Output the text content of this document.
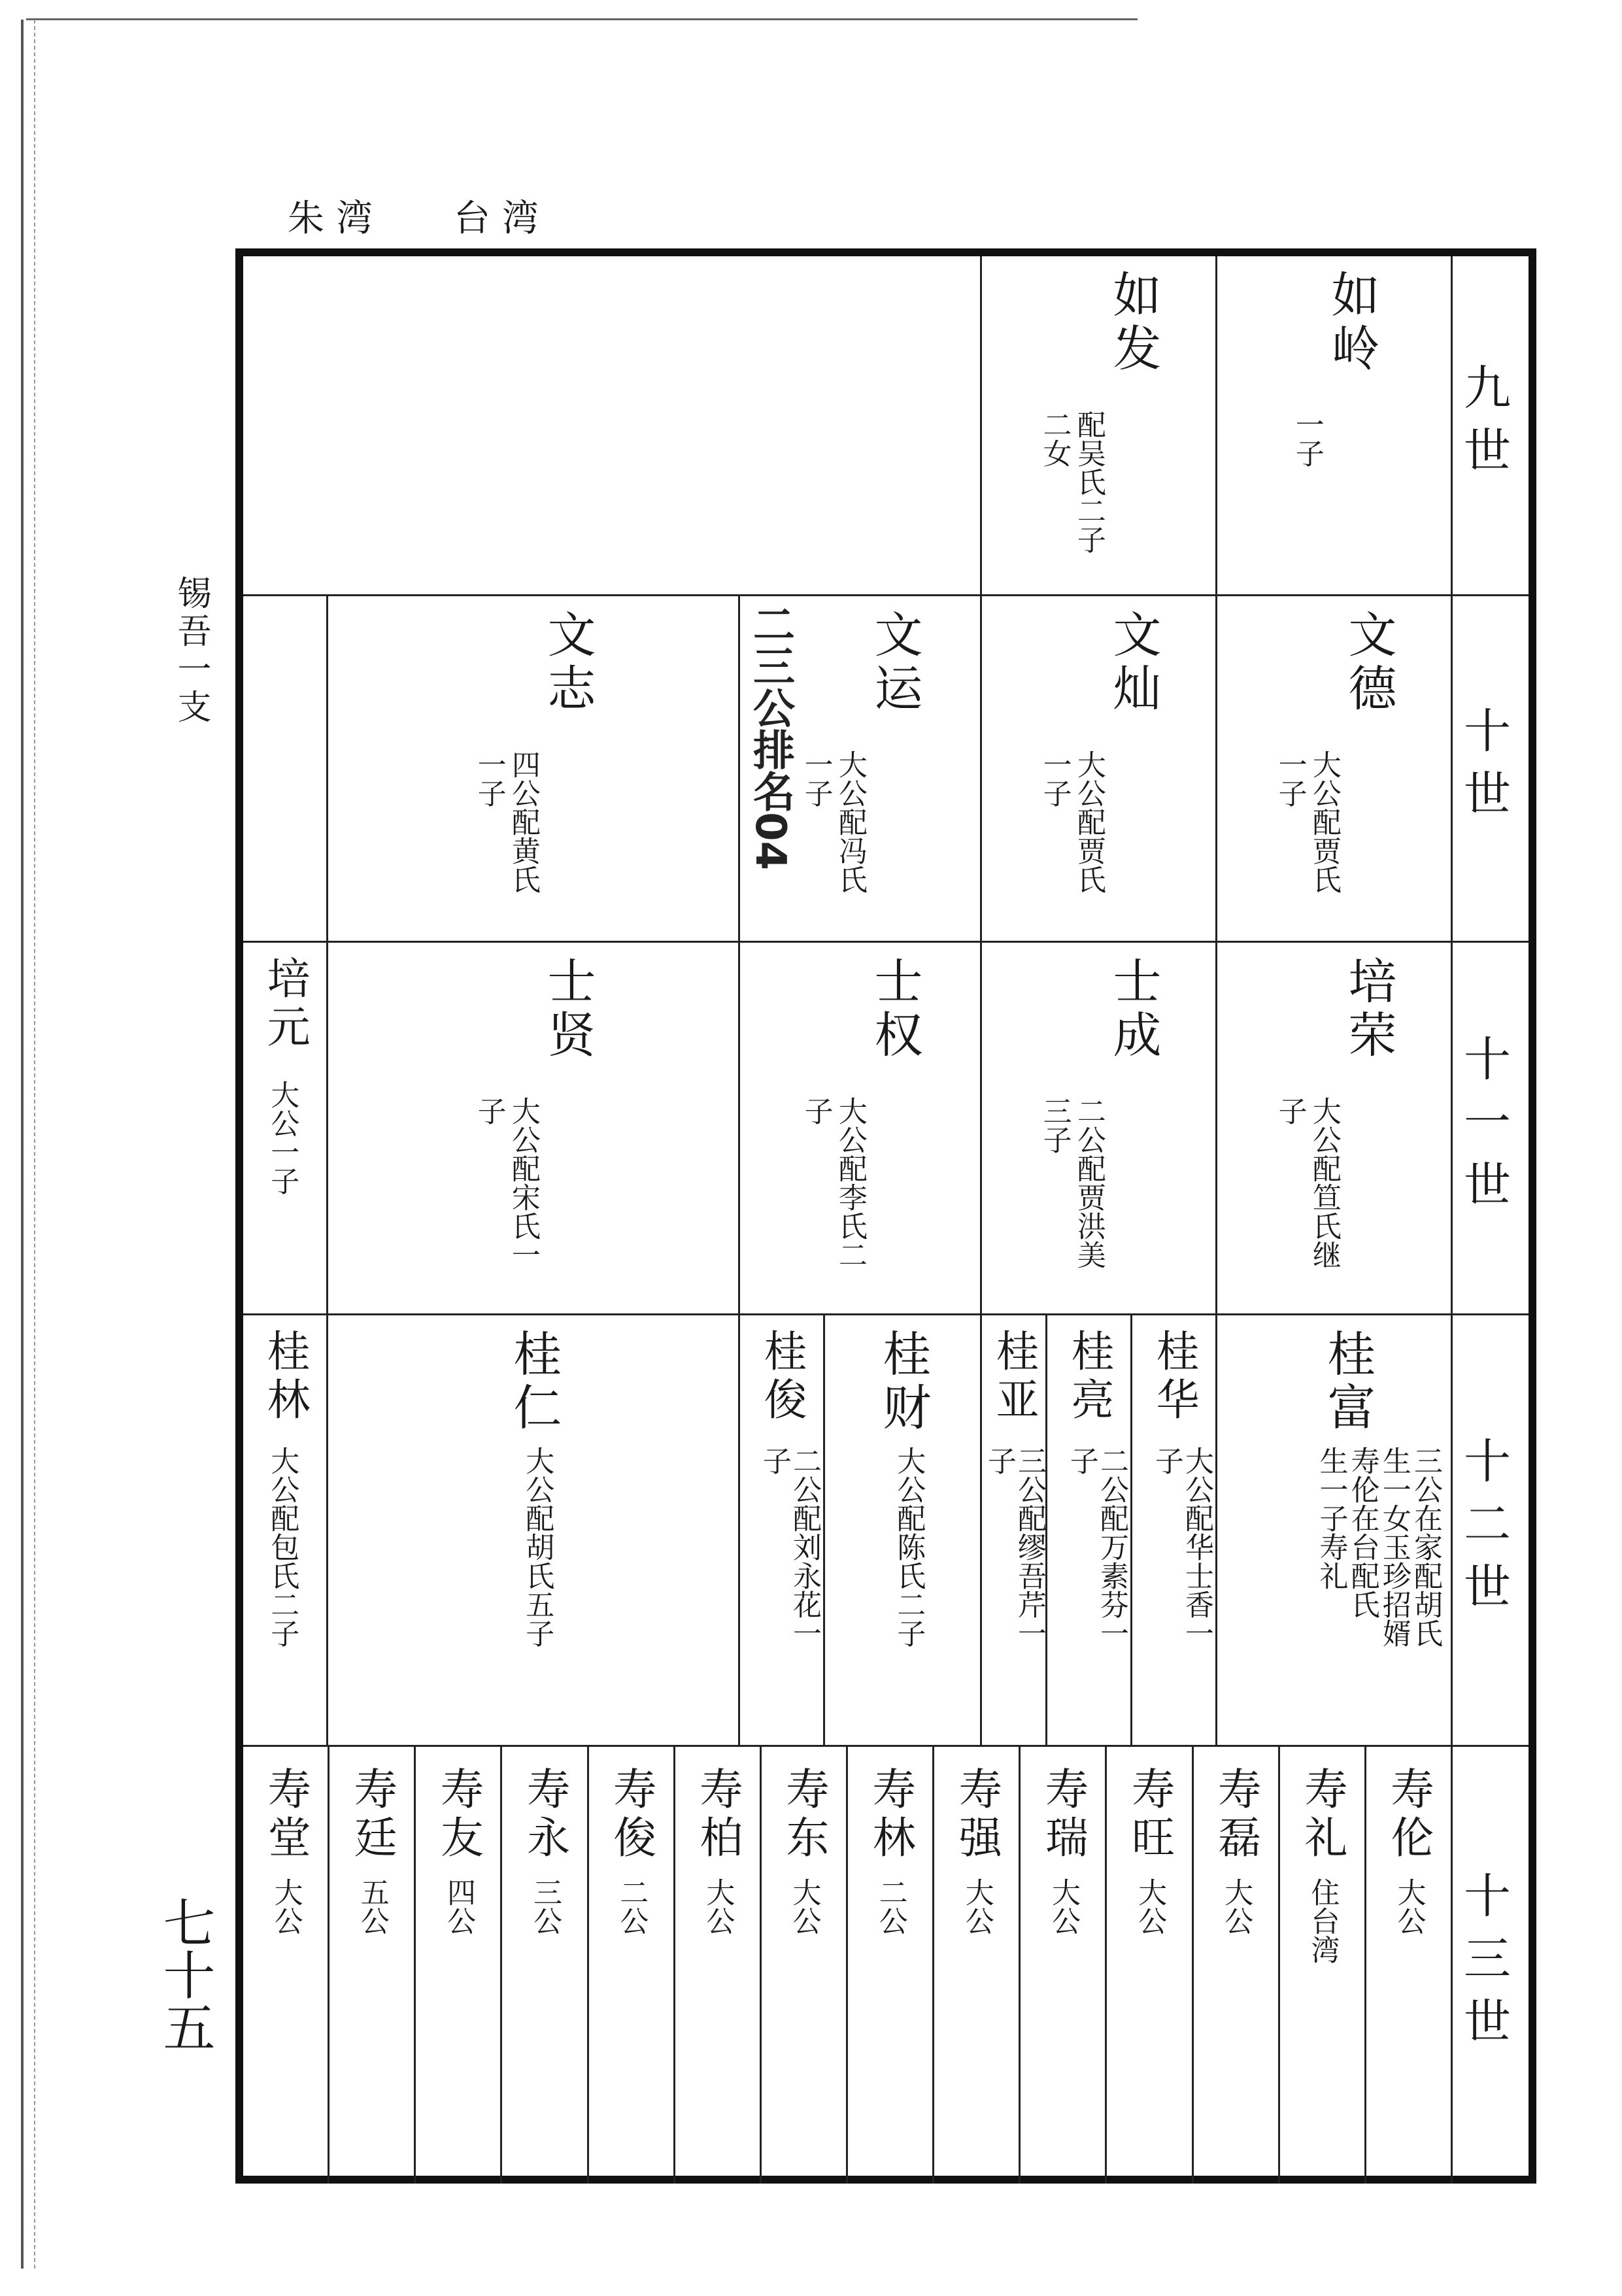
朱湾 台湾
锡吾一支
七十五
九世
如岭
一子
如发
配吴氏二子
二女
十世
文德
大公配贾氏
一子
文灿
大公配贾氏
一子
文运
大公配冯氏
一子
二三公排名04
文志
四公配黄氏
一子
十一世
培荣
大公配笪氏继
子
士成
二公配贾洪美
三子
士权
大公配李氏二
子
士贤
大公配宋氏一
子
培元
大公一子
十二世
桂富
三公在家配胡氏
生一女玉珍招婿
寿伦在台配氏
生一子寿礼
桂华
大公配华士香一
子
桂亮
二公配万素芬一
子
桂亚
三公配缪吾芹一
子
桂财
大公配陈氏二子
桂俊
二公配刘永花一
子
桂仁
大公配胡氏五子
桂林
大公配包氏二子
十三世
寿伦
大公
寿礼
住台湾
寿磊
大公
寿旺
大公
寿瑞
大公
寿强
大公
寿林
二公
寿东
大公
寿柏
大公
寿俊
二公
寿永
三公
寿友
四公
寿廷
五公
寿堂
大公
